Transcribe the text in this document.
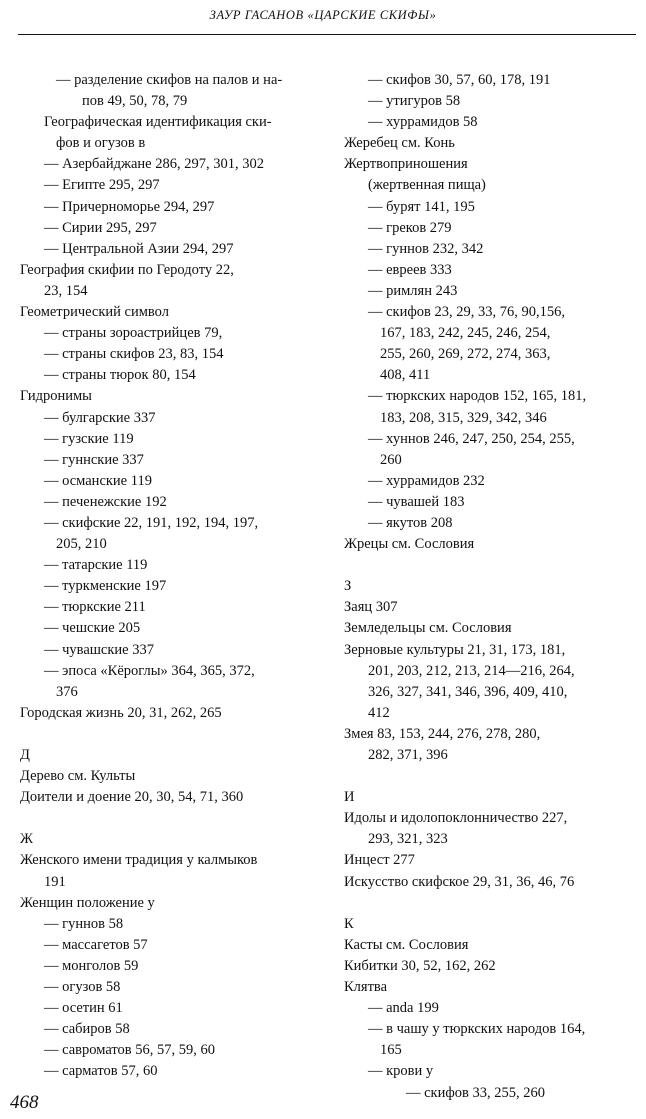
ЗАУР ГАСАНОВ «ЦАРСКИЕ СКИФЫ»
— разделение скифов на палов и на-
пов 49, 50, 78, 79
Географическая идентификация ски-
фов и огузов в
— Азербайджане 286, 297, 301, 302
— Египте 295, 297
— Причерноморье 294, 297
— Сирии 295, 297
— Центральной Азии 294, 297
География скифии по Геродоту 22,
23, 154
Геометрический символ
— страны зороастрийцев 79,
— страны скифов 23, 83, 154
— страны тюрок 80, 154
Гидронимы
— булгарские 337
— гузские 119
— гуннские 337
— османские 119
— печенежские 192
— скифские 22, 191, 192, 194, 197,
205, 210
— татарские 119
— туркменские 197
— тюркские 211
— чешские 205
— чувашские 337
— эпоса «Кёроглы» 364, 365, 372,
376
Городская жизнь 20, 31, 262, 265
Д
Дерево см. Культы
Доители и доение 20, 30, 54, 71, 360
Ж
Женского имени традиция у калмыков
191
Женщин положение у
— гуннов 58
— массагетов 57
— монголов 59
— огузов 58
— осетин 61
— сабиров 58
— савроматов 56, 57, 59, 60
— сарматов 57, 60
— скифов 30, 57, 60, 178, 191
— утигуров 58
— хуррамидов 58
Жеребец см. Конь
Жертвоприношения
(жертвенная пища)
— бурят 141, 195
— греков 279
— гуннов 232, 342
— евреев 333
— римлян 243
— скифов 23, 29, 33, 76, 90,156,
167, 183, 242, 245, 246, 254,
255, 260, 269, 272, 274, 363,
408, 411
— тюркских народов 152, 165, 181,
183, 208, 315, 329, 342, 346
— хуннов 246, 247, 250, 254, 255,
260
— хуррамидов 232
— чувашей 183
— якутов 208
Жрецы см. Сословия
З
Заяц 307
Земледельцы см. Сословия
Зерновые культуры 21, 31, 173, 181,
201, 203, 212, 213, 214—216, 264,
326, 327, 341, 346, 396, 409, 410,
412
Змея 83, 153, 244, 276, 278, 280,
282, 371, 396
И
Идолы и идолопоклонничество 227,
293, 321, 323
Инцест 277
Искусство скифское 29, 31, 36, 46, 76
К
Касты см. Сословия
Кибитки 30, 52, 162, 262
Клятва
— anda 199
— в чашу у тюркских народов 164,
165
— крови у
— скифов 33, 255, 260
468
